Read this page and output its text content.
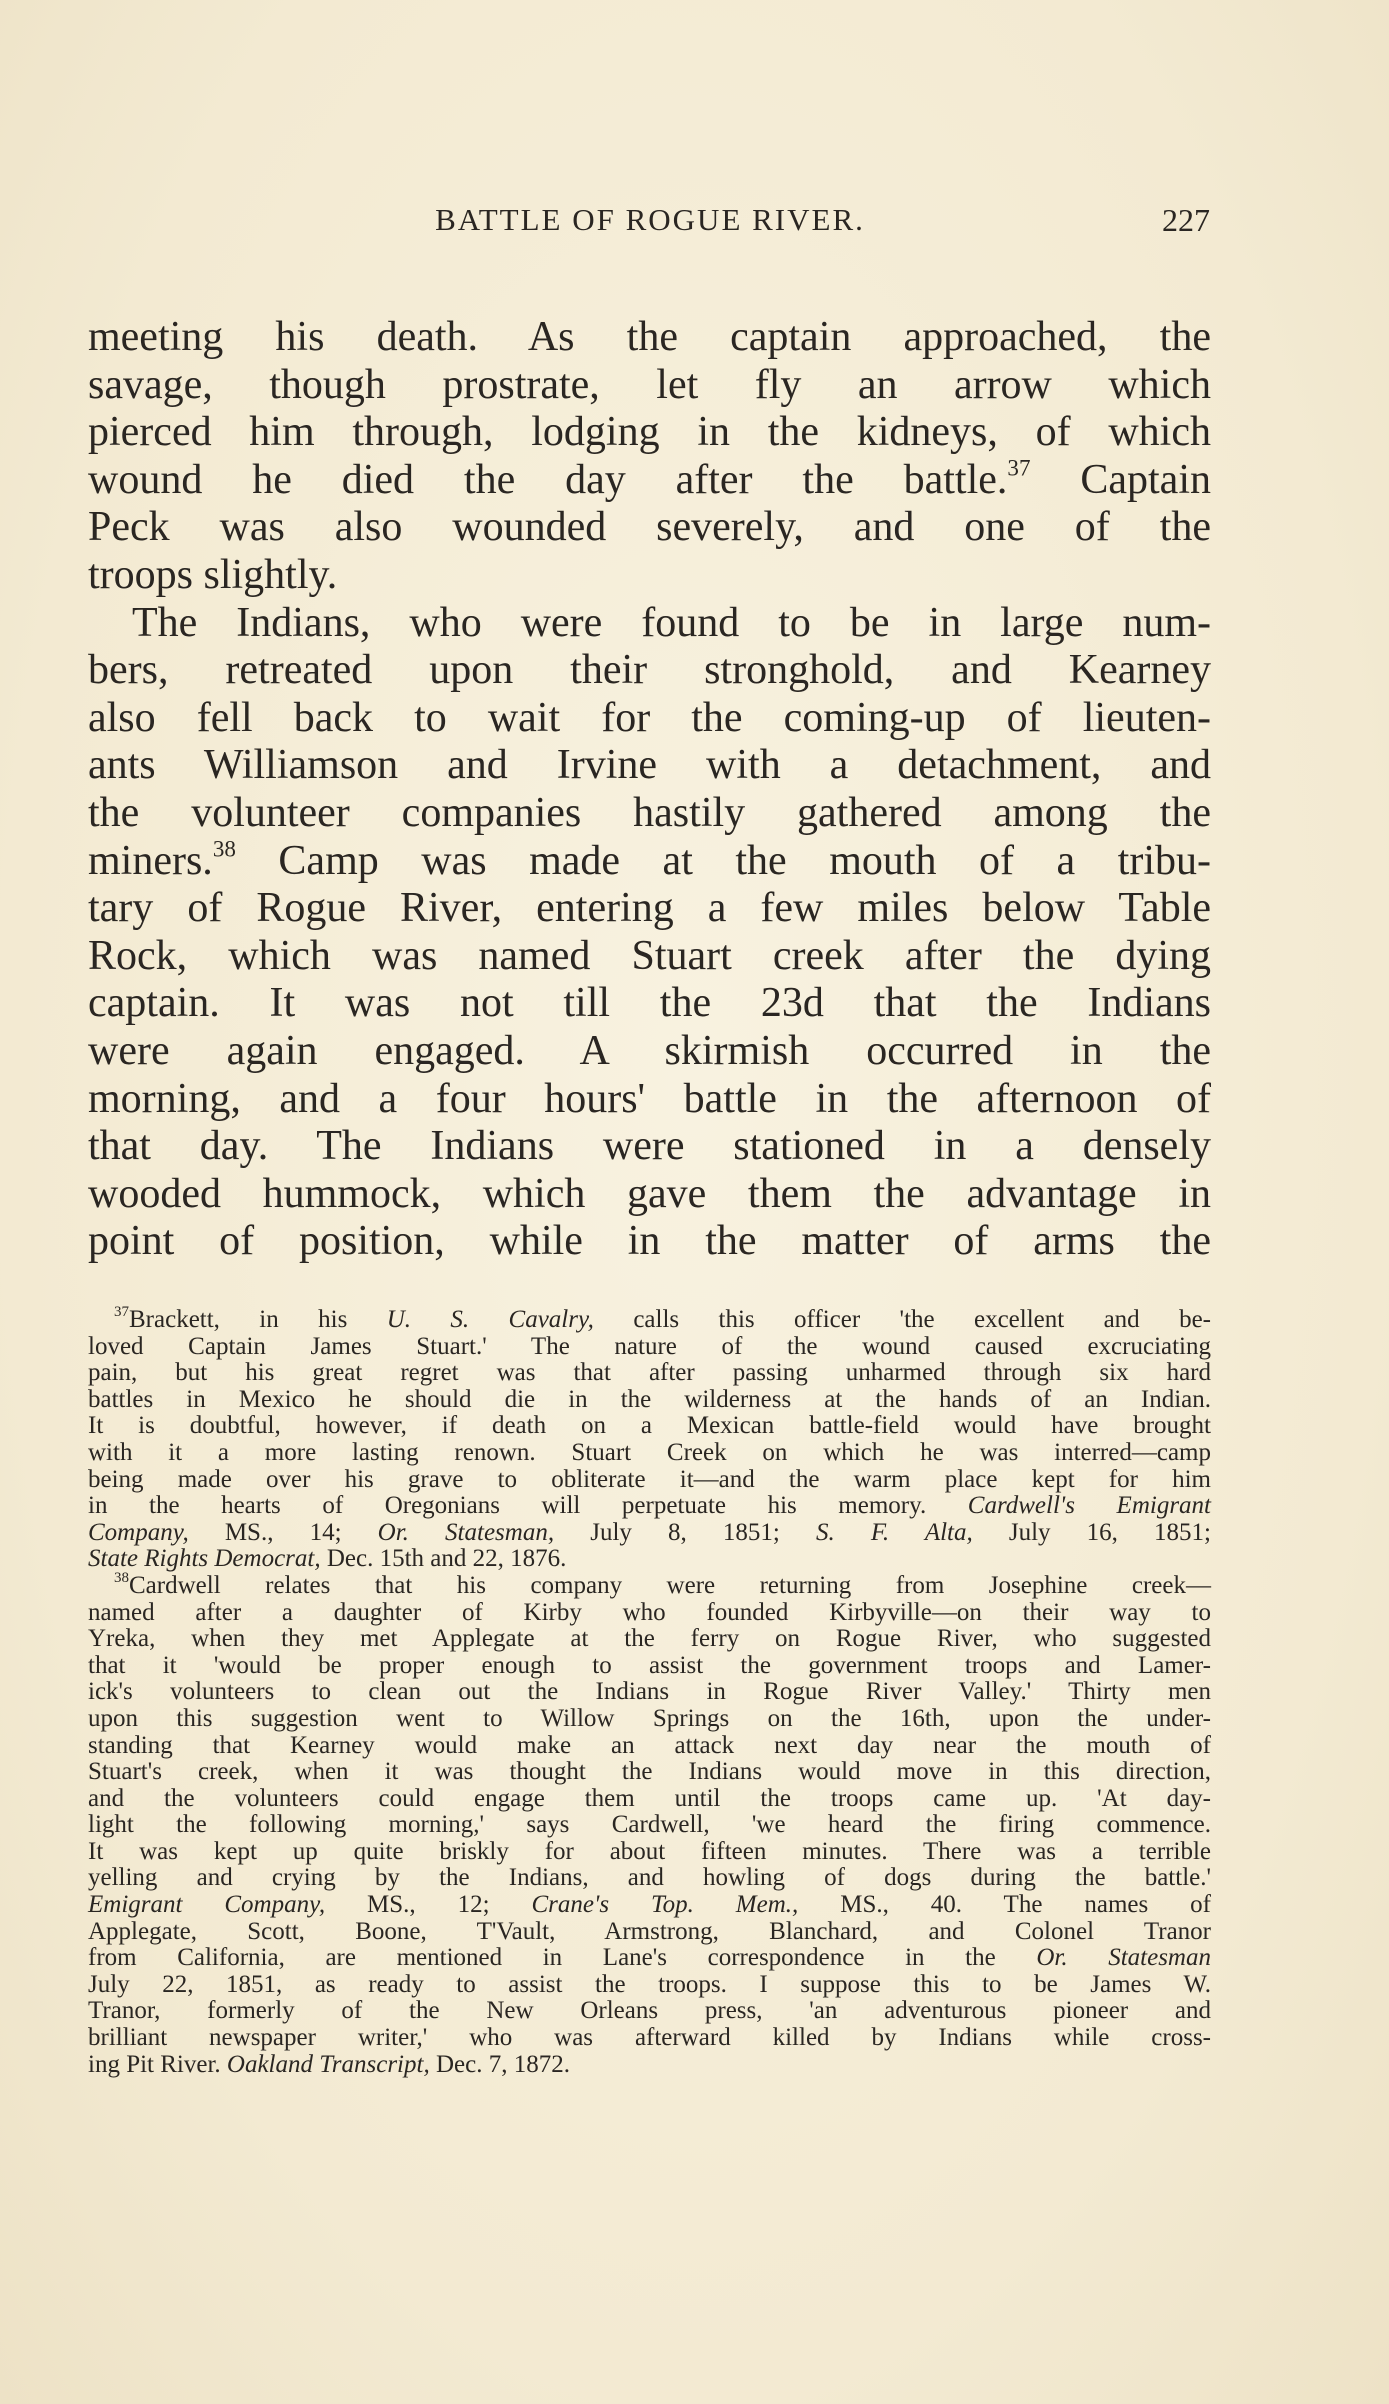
BATTLE OF ROGUE RIVER.	227
meeting his death. As the captain approached, the
savage, though prostrate, let fly an arrow which
pierced him through, lodging in the kidneys, of which
wound he died the day after the battle.$^{37}$ Captain
Peck was also wounded severely, and one of the
troops slightly.
The Indians, who were found to be in large num-
bers, retreated upon their stronghold, and Kearney
also fell back to wait for the coming-up of lieuten-
ants Williamson and Irvine with a detachment, and
the volunteer companies hastily gathered among the
miners.$^{38}$ Camp was made at the mouth of a tribu-
tary of Rogue River, entering a few miles below Table
Rock, which was named Stuart creek after the dying
captain. It was not till the 23d that the Indians
were again engaged. A skirmish occurred in the
morning, and a four hours' battle in the afternoon of
that day. The Indians were stationed in a densely
wooded hummock, which gave them the advantage in
point of position, while in the matter of arms the
$^{37}$Brackett, in his U. S. Cavalry, calls this officer 'the excellent and be-
loved Captain James Stuart.' The nature of the wound caused excruciating
pain, but his great regret was that after passing unharmed through six hard
battles in Mexico he should die in the wilderness at the hands of an Indian.
It is doubtful, however, if death on a Mexican battle-field would have brought
with it a more lasting renown. Stuart Creek on which he was interred—camp
being made over his grave to obliterate it—and the warm place kept for him
in the hearts of Oregonians will perpetuate his memory. Cardwell's Emigrant
Company, MS., 14; Or. Statesman, July 8, 1851; S. F. Alta, July 16, 1851;
State Rights Democrat, Dec. 15th and 22, 1876.
$^{38}$Cardwell relates that his company were returning from Josephine creek—
named after a daughter of Kirby who founded Kirbyville—on their way to
Yreka, when they met Applegate at the ferry on Rogue River, who suggested
that it 'would be proper enough to assist the government troops and Lamer-
ick's volunteers to clean out the Indians in Rogue River Valley.' Thirty men
upon this suggestion went to Willow Springs on the 16th, upon the under-
standing that Kearney would make an attack next day near the mouth of
Stuart's creek, when it was thought the Indians would move in this direction,
and the volunteers could engage them until the troops came up. 'At day-
light the following morning,' says Cardwell, 'we heard the firing commence.
It was kept up quite briskly for about fifteen minutes. There was a terrible
yelling and crying by the Indians, and howling of dogs during the battle.'
Emigrant Company, MS., 12; Crane's Top. Mem., MS., 40. The names of
Applegate, Scott, Boone, T'Vault, Armstrong, Blanchard, and Colonel Tranor
from California, are mentioned in Lane's correspondence in the Or. Statesman
July 22, 1851, as ready to assist the troops. I suppose this to be James W.
Tranor, formerly of the New Orleans press, 'an adventurous pioneer and
brilliant newspaper writer,' who was afterward killed by Indians while cross-
ing Pit River. Oakland Transcript, Dec. 7, 1872.
